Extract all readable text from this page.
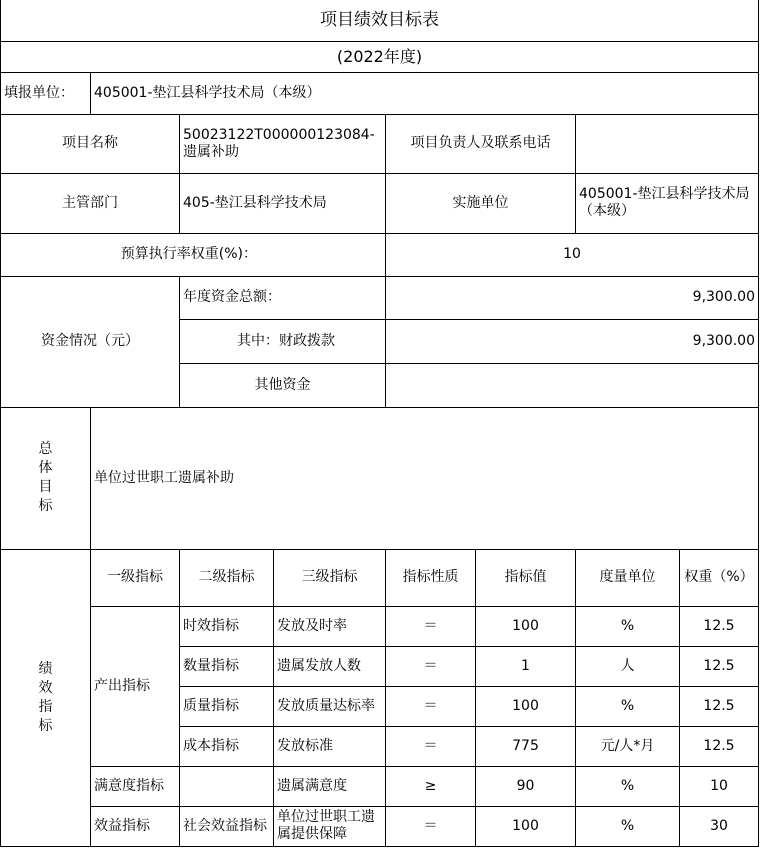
项目绩效目标表							
(2022年度)							
填报单位：	405001-垫江县科学技术局（本级）						
项目名称		50023122T000000123084-遗属补助		项目负责人及联系电话			
主管部门		405-垫江县科学技术局		实施单位		405001-垫江县科学技术局（本级）	
预算执行率权重(%)：				10			
资金情况（元）		年度资金总额：		9,300.00			
		其中：财政拨款		9,300.00			
		其他资金					
总体目标	单位过世职工遗属补助						
绩效指标	一级指标	二级指标	三级指标	指标性质	指标值	度量单位	权重（%）
	产出指标	时效指标	发放及时率	＝	100	%	12.5
		数量指标	遗属发放人数	＝	1	人	12.5
		质量指标	发放质量达标率	＝	100	%	12.5
		成本指标	发放标准	＝	775	元/人*月	12.5
	满意度指标		遗属满意度	≥	90	%	10
	效益指标	社会效益指标	单位过世职工遗属提供保障	＝	100	%	30
